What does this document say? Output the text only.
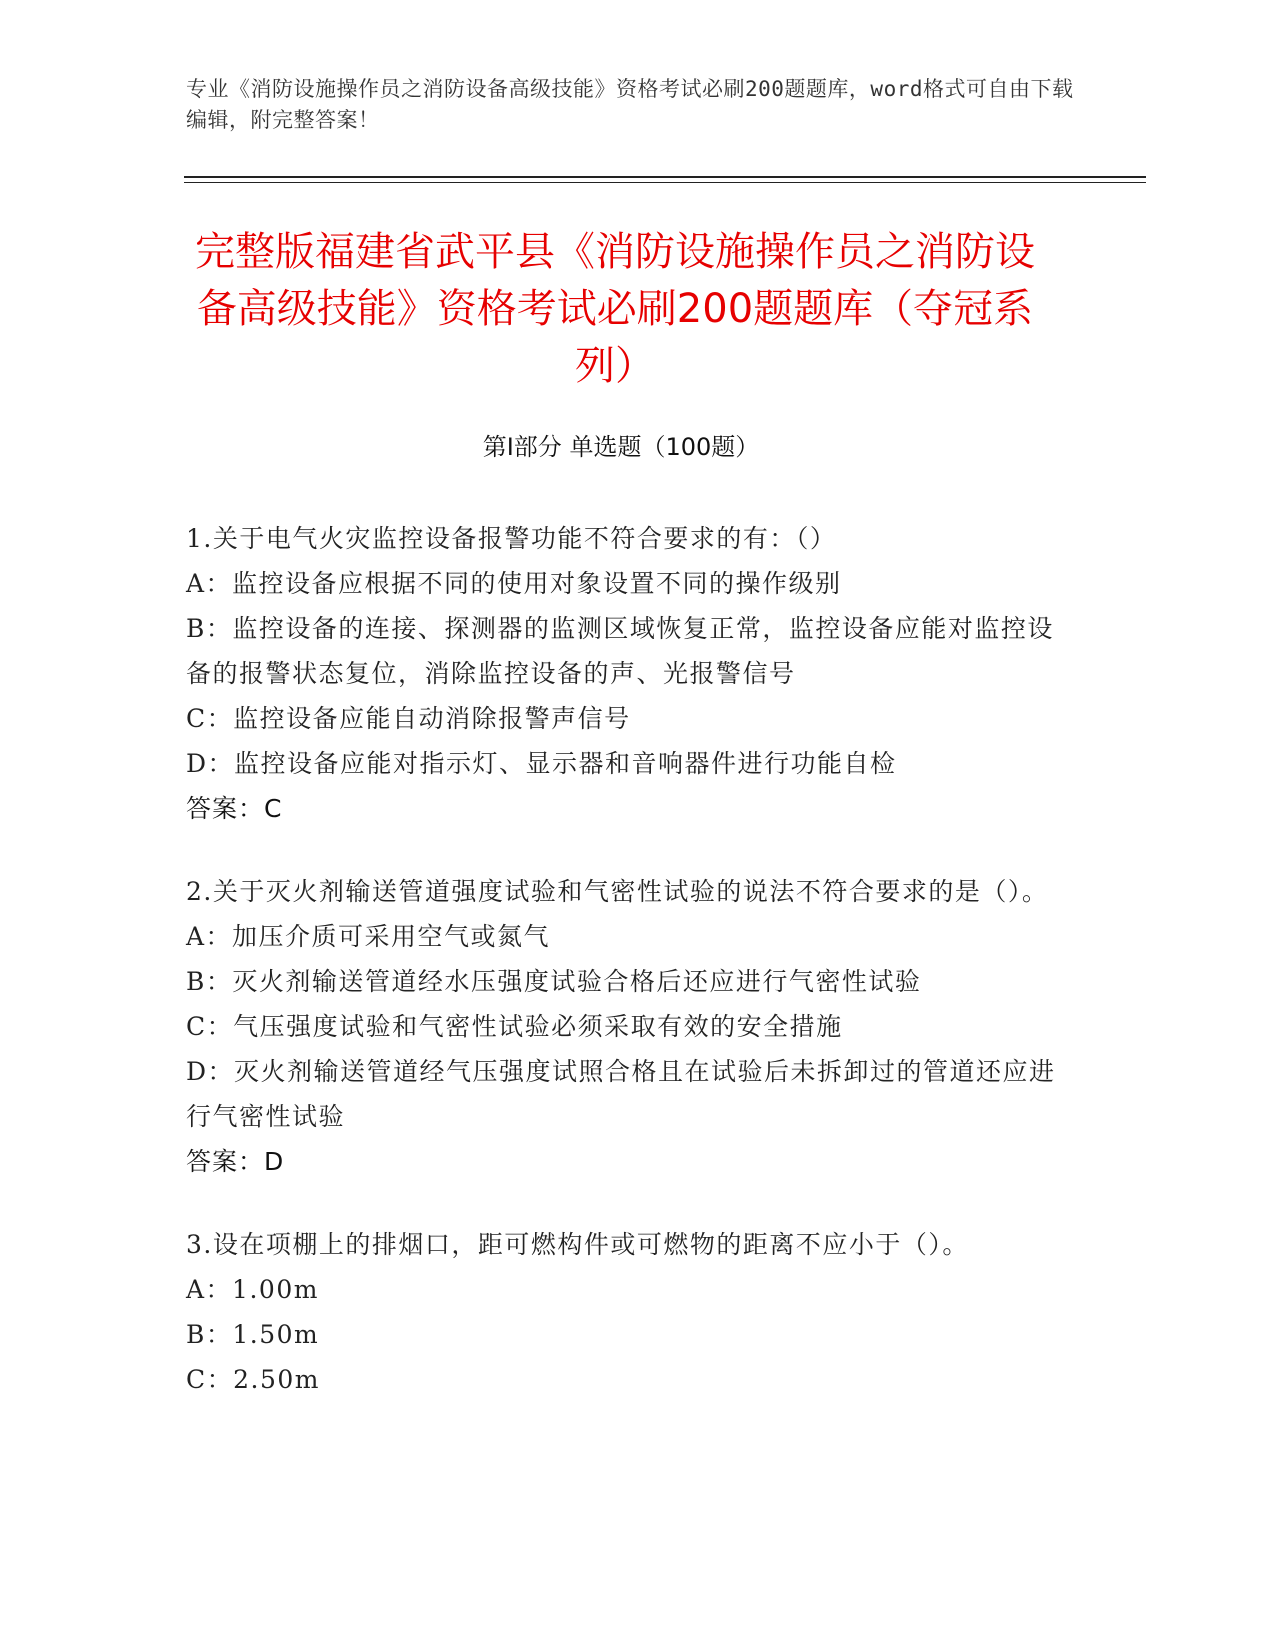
专业《消防设施操作员之消防设备高级技能》资格考试必刷200题题库，word格式可自由下载编辑，附完整答案！
完整版福建省武平县《消防设施操作员之消防设备高级技能》资格考试必刷200题题库（夺冠系列）
第I部分 单选题（100题）
1.关于电气火灾监控设备报警功能不符合要求的有：（）
A：监控设备应根据不同的使用对象设置不同的操作级别
B：监控设备的连接、探测器的监测区域恢复正常，监控设备应能对监控设备的报警状态复位，消除监控设备的声、光报警信号
C：监控设备应能自动消除报警声信号
D：监控设备应能对指示灯、显示器和音响器件进行功能自检
答案：C
2.关于灭火剂输送管道强度试验和气密性试验的说法不符合要求的是（）。
A：加压介质可采用空气或氮气
B：灭火剂输送管道经水压强度试验合格后还应进行气密性试验
C：气压强度试验和气密性试验必须采取有效的安全措施
D：灭火剂输送管道经气压强度试照合格且在试验后未拆卸过的管道还应进行气密性试验
答案：D
3.设在项棚上的排烟口，距可燃构件或可燃物的距离不应小于（）。
A：1.00m
B：1.50m
C：2.50m
